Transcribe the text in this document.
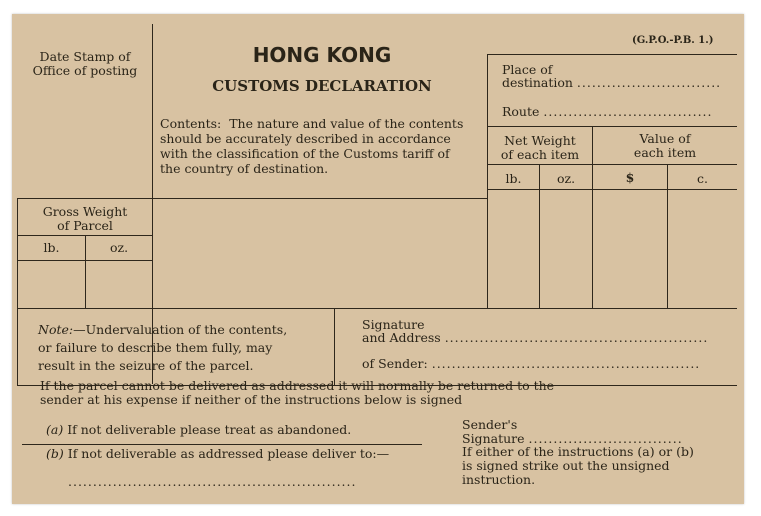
Date Stamp of
Office of posting
(G.P.O.-P.B. 1.)
HONG KONG
CUSTOMS DECLARATION
Contents: The nature and value of the contents
should be accurately described in accordance
with the classification of the Customs tariff of
the country of destination.
Place of
destination .............................
Route ..................................
Net Weight
of each item
Value of
each item
lb.	oz.	$	c.
Gross Weight
of Parcel
lb.	oz.
Note:—Undervaluation of the contents,
or failure to describe them fully, may
result in the seizure of the parcel.
Signature
and Address .....................................................
of Sender: ......................................................
If the parcel cannot be delivered as addressed it will normally be returned to the
sender at his expense if neither of the instructions below is signed
(a) If not deliverable please treat as abandoned.
(b) If not deliverable as addressed please deliver to:—
..........................................................
Sender's
Signature ...............................
If either of the instructions (a) or (b)
is signed strike out the unsigned
instruction.
